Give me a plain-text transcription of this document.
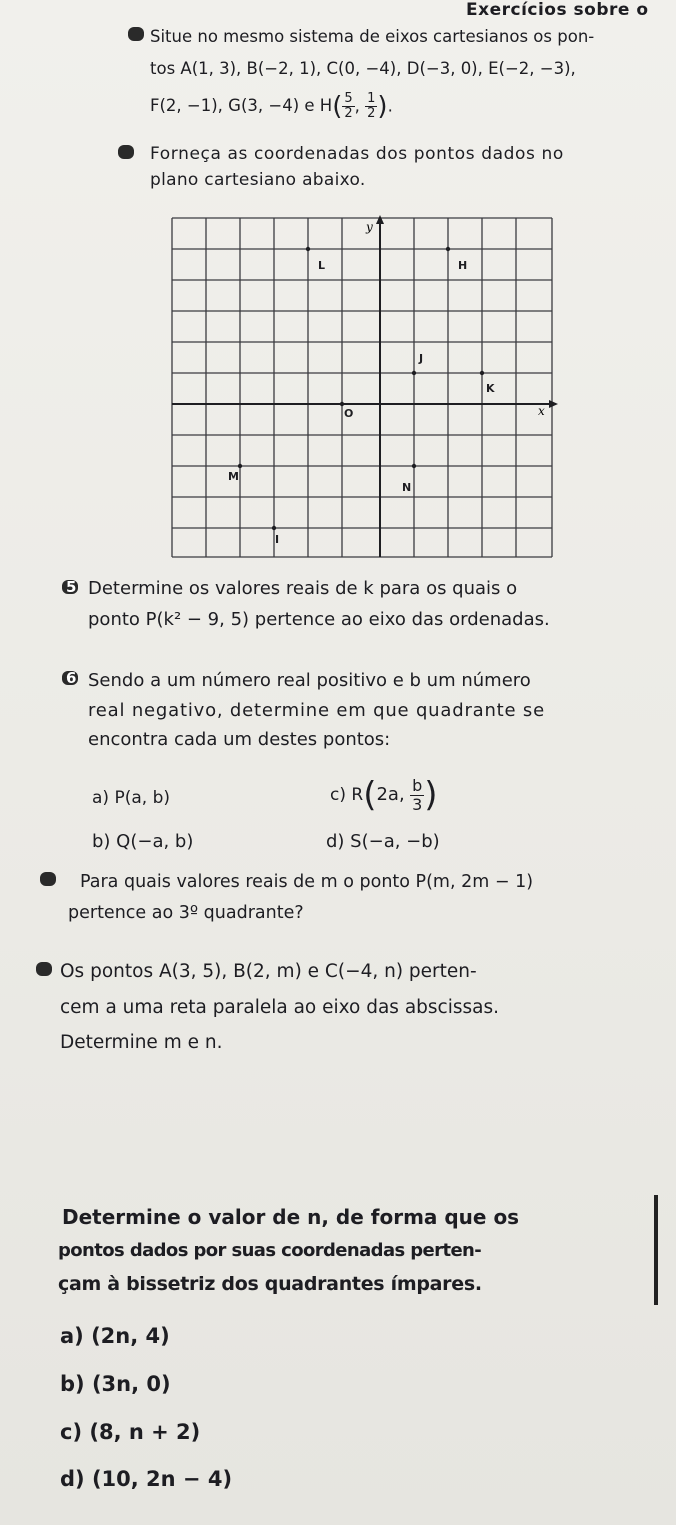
Exercícios sobre o
Situe no mesmo sistema de eixos cartesianos os pon-
tos A(1, 3), B(−2, 1), C(0, −4), D(−3, 0), E(−2, −3),
F(2, −1), G(3, −4) e $H( \frac{5}{2}$ , $\frac{1}{2}$ ).
Forneça as coordenadas dos pontos dados no
plano cartesiano abaixo.
y
x
L	H
J
K
O
M
N
I
5 Determine os valores reais de k para os quais o
ponto P(k² − 9, 5) pertence ao eixo das ordenadas.
6 Sendo a um número real positivo e b um número
real negativo, determine em que quadrante se
encontra cada um destes pontos:
a) P(a, b)	c) R(2a, $\frac{b}{3}$ )
b) Q(−a, b)	d) S(−a, −b)
Para quais valores reais de m o ponto P(m, 2m − 1)
pertence ao 3º quadrante?
Os pontos A(3, 5), B(2, m) e C(−4, n) perten-
cem a uma reta paralela ao eixo das abscissas.
Determine m e n.
Determine o valor de n, de forma que os
pontos dados por suas coordenadas perten-
çam à bissetriz dos quadrantes ímpares.
a) (2n, 4)
b) (3n, 0)
c) (8, n + 2)
d) (10, 2n − 4)
